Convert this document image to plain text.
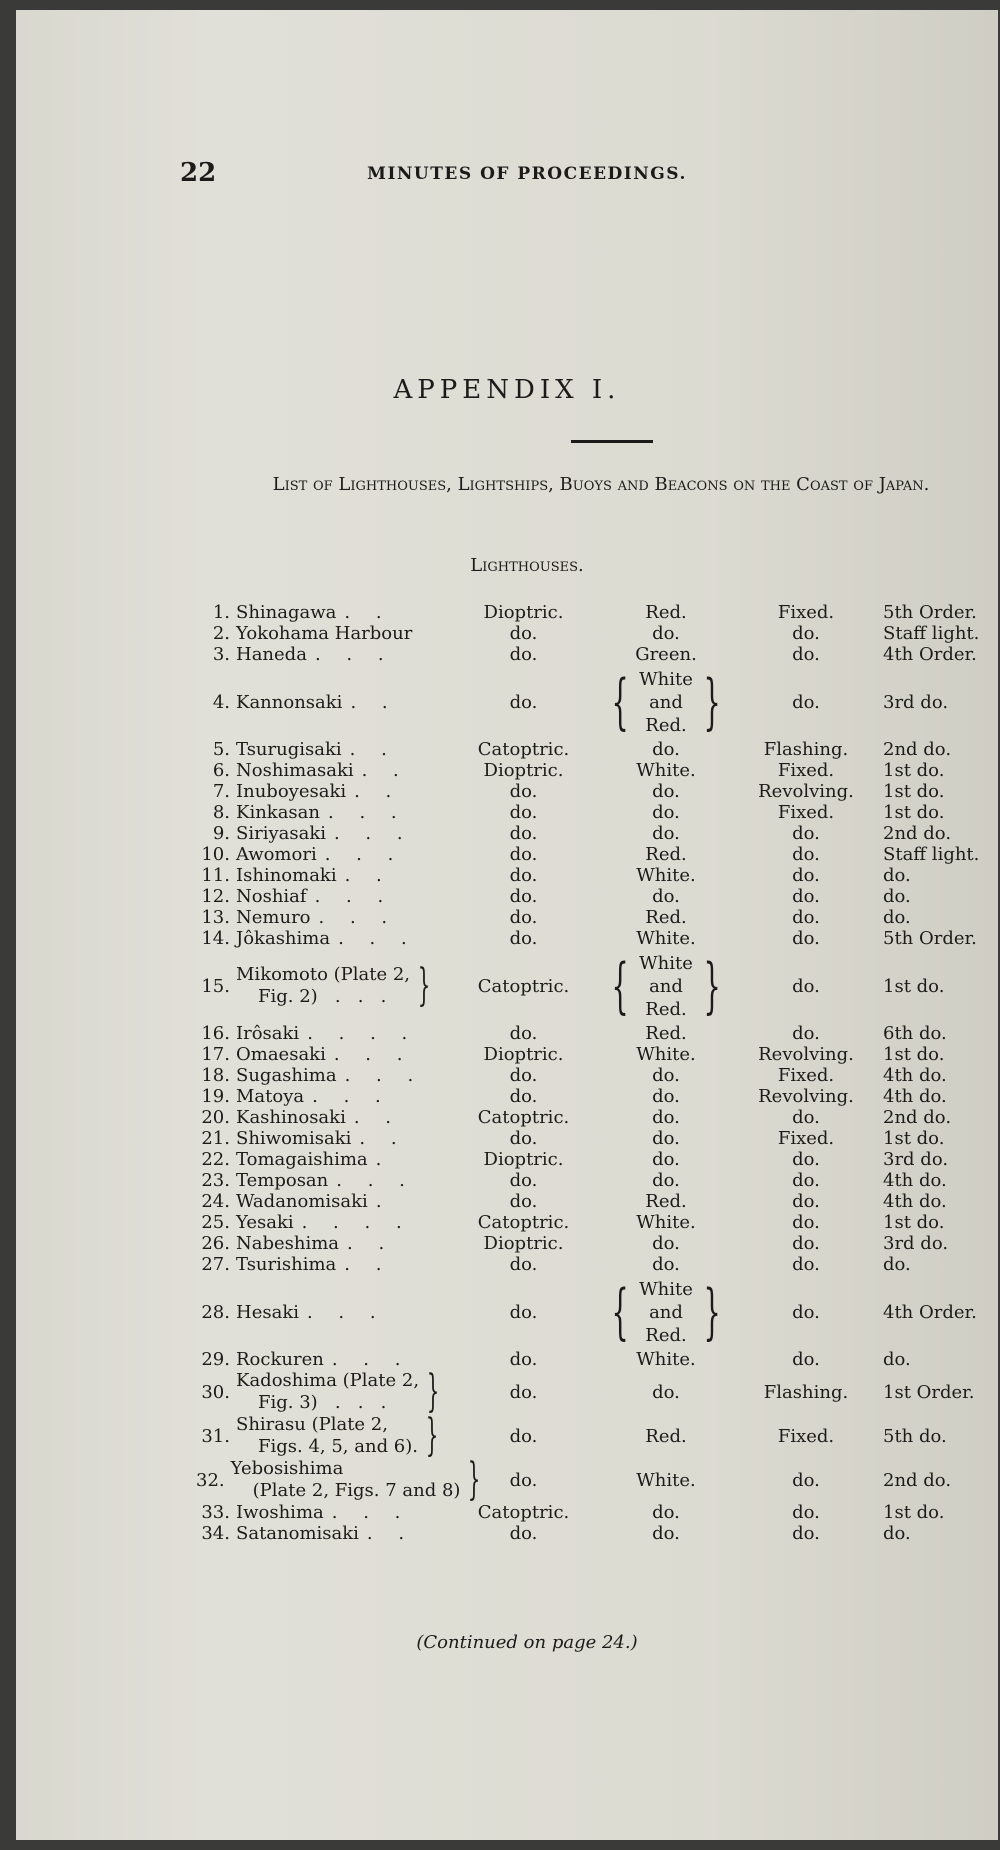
22	MINUTES OF PROCEEDINGS.
APPENDIX I.
List of Lighthouses, Lightships, Buoys and Beacons on the Coast of Japan.
Lighthouses.
1. Shinagawa . .	Dioptric.	Red.	Fixed.	5th Order.
2. Yokohama Harbour	do.	do.	do.	Staff light.
3. Haneda . . .	do.	Green.	do.	4th Order.
4. Kannonsaki . .	do.	{ White
and
Red. }	do.	3rd do.
5. Tsurugisaki . .	Catoptric.	do.	Flashing.	2nd do.
6. Noshimasaki . .	Dioptric.	White.	Fixed.	1st do.
7. Inuboyesaki . .	do.	do.	Revolving.	1st do.
8. Kinkasan . . .	do.	do.	Fixed.	1st do.
9. Siriyasaki . . .	do.	do.	do.	2nd do.
10. Awomori . . .	do.	Red.	do.	Staff light.
11. Ishinomaki . .	do.	White.	do.	do.
12. Noshiaf . . .	do.	do.	do.	do.
13. Nemuro . . .	do.	Red.	do.	do.
14. Jôkashima . . .	do.	White.	do.	5th Order.
15.
Mikomoto (Plate 2,
Fig. 2)   .   .   . }	Catoptric. { White
and
Red. }	do.	1st do.
16. Irôsaki . . . .	do.	Red.	do.	6th do.
17. Omaesaki . . .	Dioptric.	White.	Revolving.	1st do.
18. Sugashima . . .	do.	do.	Fixed.	4th do.
19. Matoya . . .	do.	do.	Revolving.	4th do.
20. Kashinosaki . .	Catoptric.	do.	do.	2nd do.
21. Shiwomisaki . .	do.	do.	Fixed.	1st do.
22. Tomagaishima .	Dioptric.	do.	do.	3rd do.
23. Temposan . . .	do.	do.	do.	4th do.
24. Wadanomisaki .	do.	Red.	do.	4th do.
25. Yesaki . . . .	Catoptric.	White.	do.	1st do.
26. Nabeshima . .	Dioptric.	do.	do.	3rd do.
27. Tsurishima . .	do.	do.	do.	do.
28. Hesaki . . .	do.	{ White
and
Red. }	do.	4th Order.
29. Rockuren . . .	do.	White.	do.	do.
30.
Kadoshima (Plate 2,
Fig. 3)   .   .   . }	do.	do.	Flashing.	1st Order.
31.
Shirasu (Plate 2,
Figs. 4, 5, and 6). }	do.	Red.	Fixed.	5th do.
32.
Yebosishima
(Plate 2, Figs. 7 and 8) }	do.	White.	do.	2nd do.
33. Iwoshima . . .	Catoptric.	do.	do.	1st do.
34. Satanomisaki . .	do.	do.	do.	do.
(Continued on page 24.)
